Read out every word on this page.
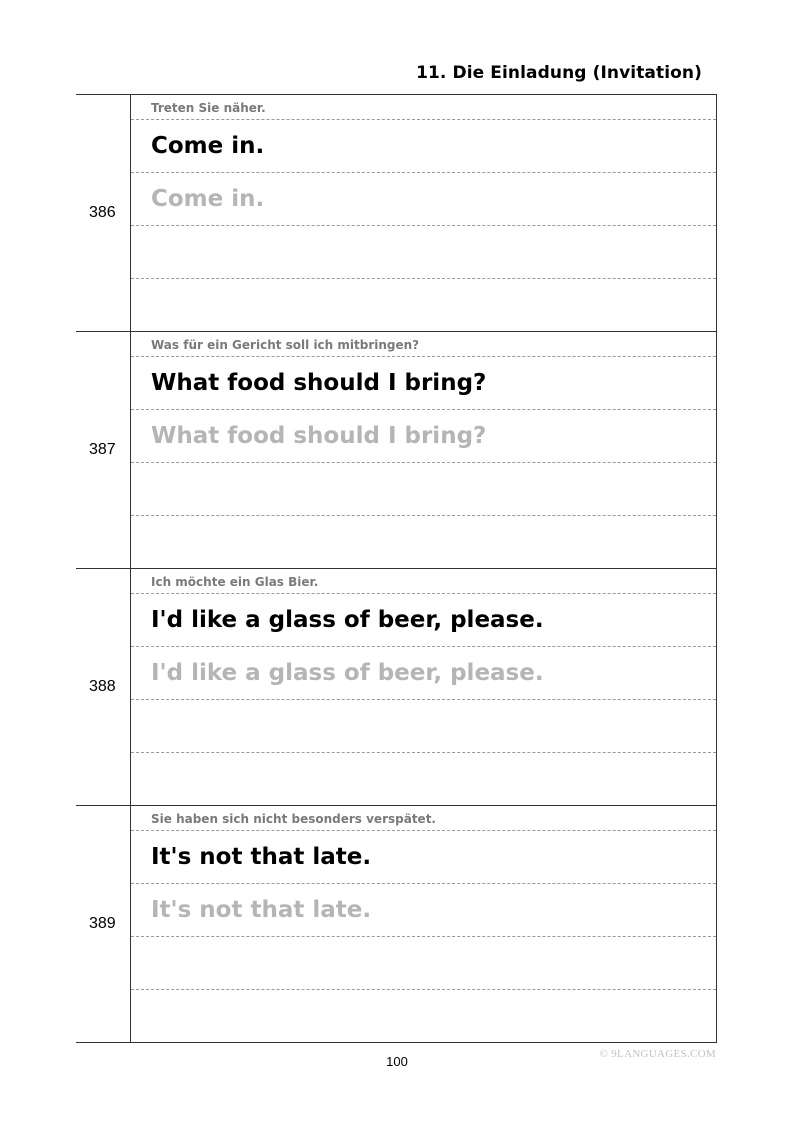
11. Die Einladung (Invitation)
386
Treten Sie näher.
Come in.
Come in.
387
Was für ein Gericht soll ich mitbringen?
What food should I bring?
What food should I bring?
388
Ich möchte ein Glas Bier.
I'd like a glass of beer, please.
I'd like a glass of beer, please.
389
Sie haben sich nicht besonders verspätet.
It's not that late.
It's not that late.
100	© 9LANGUAGES.COM
